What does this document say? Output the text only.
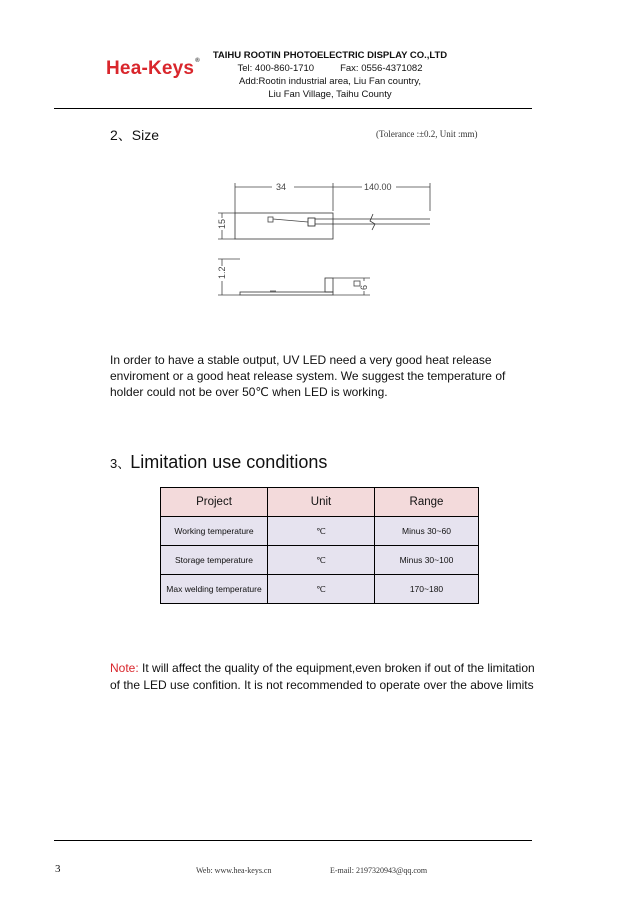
Hea-Keys®	TAIHU ROOTIN PHOTOELECTRIC DISPLAY CO.,LTD
Tel: 400-860-1710	Fax: 0556-4371082
Add:Rootin industrial area, Liu Fan country,
Liu Fan Village, Taihu County
2、Size	(Tolerance :±0.2, Unit :mm)
34	140.00
15
1.2
6
In order to have a stable output, UV LED need a very good heat release enviroment or a good heat release system. We suggest the temperature of holder could not be over 50℃ when LED is working.
3、Limitation use conditions
Project	Unit	Range
Working temperature	℃	Minus 30~60
Storage temperature	℃	Minus 30~100
Max welding temperature	℃	170~180
Note: It will affect the quality of the equipment,even broken if out of the limitation of the LED use confition. It is not recommended to operate over the above limits
3	Web: www.hea-keys.cn	E-mail: 2197320943@qq.com
